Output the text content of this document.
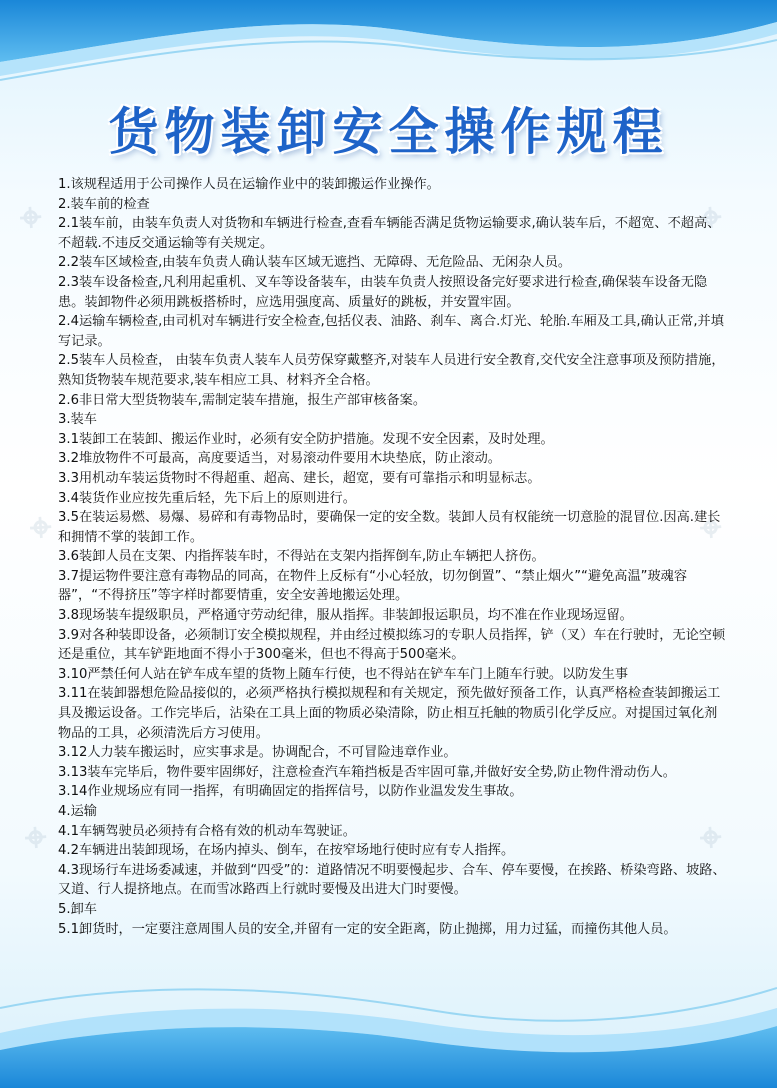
⌖
⌖
⌖
⌖
⌖
⌖
货物装卸安全操作规程

1.该规程适用于公司操作人员在运输作业中的装卸搬运作业操作。

2.装车前的检查

2.1装车前，由装车负责人对货物和车辆进行检查,查看车辆能否满足货物运输要求,确认装车后，不超宽、不超高、不超载.不违反交通运输等有关规定。

2.2装车区域检查,由装车负责人确认装车区域无遮挡、无障碍、无危险品、无闲杂人员。

2.3装车设备检查,凡利用起重机、叉车等设备装车，由装车负责人按照设备完好要求进行检查,确保装车设备无隐患。装卸物件必须用跳板搭桥时，应选用强度高、质量好的跳板，并安置牢固。

2.4运输车辆检查,由司机对车辆进行安全检查,包括仪表、油路、刹车、离合.灯光、轮胎.车厢及工具,确认正常,并填写记录。

2.5装车人员检查， 由装车负责人装车人员劳保穿戴整齐,对装车人员进行安全教育,交代安全注意事项及预防措施，熟知货物装车规范要求,装车相应工具、材料齐全合格。

2.6非日常大型货物装车,需制定装车措施，报生产部审核备案。

3.装车

3.1装卸工在装卸、搬运作业时，必须有安全防护措施。发现不安全因素，及时处理。

3.2堆放物件不可最高，高度要适当，对易滚动件要用木块垫底，防止滚动。

3.3用机动车装运货物时不得超重、超高、建长，超宽，要有可靠指示和明显标志。

3.4装货作业应按先重后轻，先下后上的原则进行。

3.5在装运易燃、易爆、易碎和有毒物品时，要确保一定的安全数。装卸人员有权能统一切意脸的混冒位.因高.建长和拥情不掌的装卸工作。

3.6装卸人员在支架、内指挥装车时，不得站在支架内指挥倒车,防止车辆把人挤伤。

3.7提运物件要注意有毒物品的同高，在物件上反标有“小心轻放，切勿倒置”、“禁止烟火”“避免高温”玻魂容器”，“不得挤压”等字样时都要情重，安全安善地搬运处理。

3.8现场装车提级职员，严格通守劳动纪律，服从指挥。非装卸报运职员，均不准在作业现场逗留。

3.9对各种装即设备，必须制订安全模拟规程，并由经过模拟练习的专职人员指挥，铲（叉）车在行驶时，无论空顿还是重位，其车铲距地面不得小于300毫米，但也不得高于500毫米。

3.10严禁任何人站在铲车成车望的货物上随车行使，也不得站在铲车车门上随车行驶。以防发生事

3.11在装卸器想危险品接似的，必须严格执行模拟规程和有关规定，预先做好预备工作，认真严格检查装卸搬运工具及搬运设备。工作完毕后，沾染在工具上面的物质必染清除，防止相互托触的物质引化学反应。对提国过氧化剂物品的工具，必须清洗后方习使用。

3.12人力装车搬运时，应实事求是。协调配合，不可冒险违章作业。

3.13装车完毕后，物件要牢固绑好，注意检查汽车箱挡板是否牢固可靠,并做好安全势,防止物件滑动伤人。

3.14作业规场应有同一指挥，有明确固定的指挥信号，以防作业温发发生事故。

4.运输

4.1车辆驾驶员必须持有合格有效的机动车驾驶证。

4.2车辆进出装卸现场，在场内掉头、倒车，在按窄场地行使时应有专人指挥。

4.3现场行车进场委减速，并做到“四受”的：道路情况不明要慢起步、合车、停车要慢，在挨路、桥染弯路、坡路、又道、行人提挤地点。在而雪冰路西上行就时要慢及出进大门时要慢。

5.卸车

5.1卸货时，一定要注意周围人员的安全,并留有一定的安全距离，防止抛掷，用力过猛，而撞伤其他人员。
